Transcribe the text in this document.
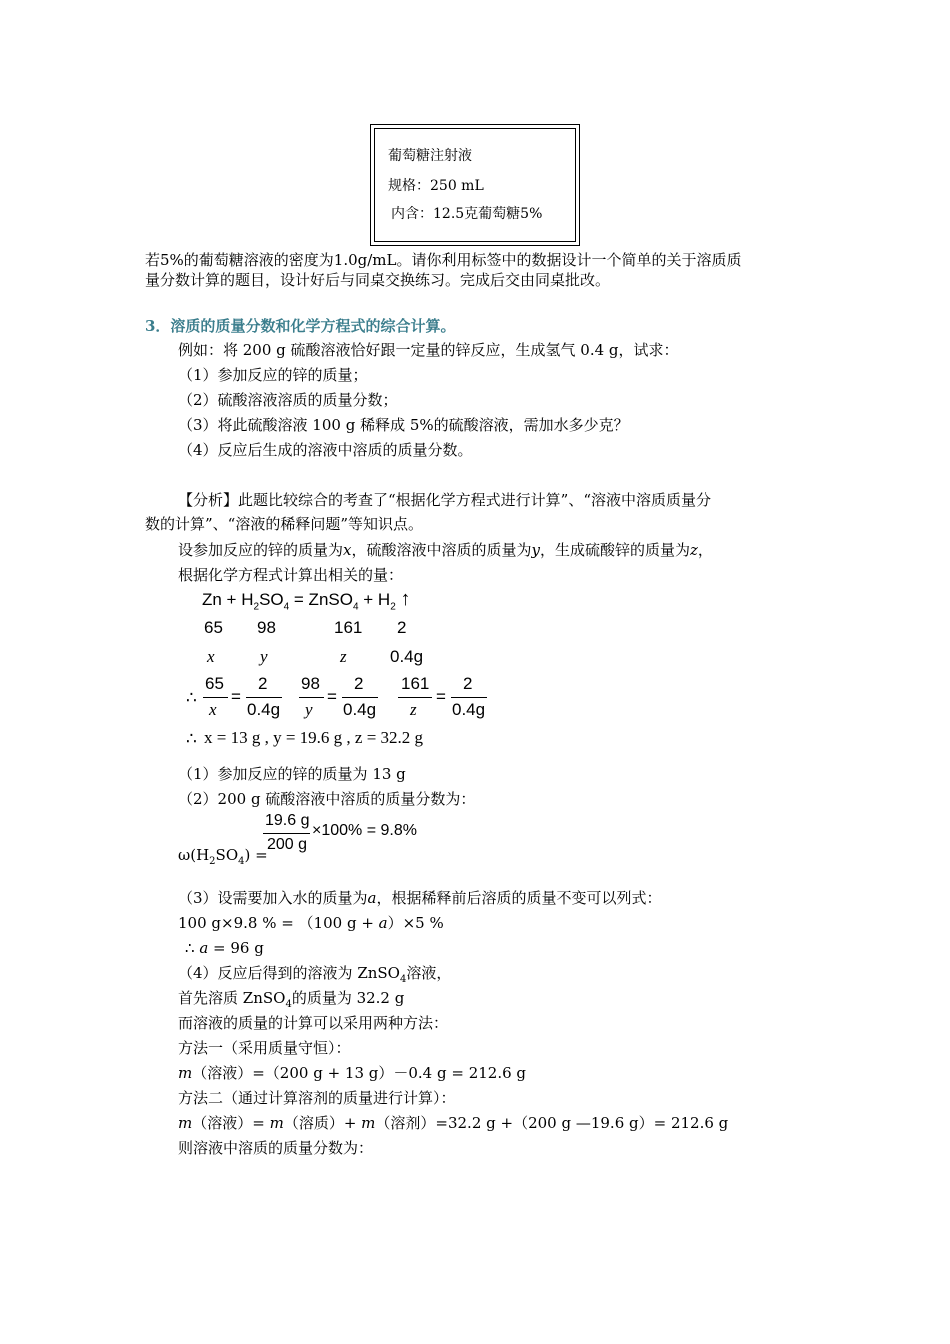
葡萄糖注射液
规格：250 mL
内含：12.5克葡萄糖5%
若5%的葡萄糖溶液的密度为1.0g/mL。请你利用标签中的数据设计一个简单的关于溶质质
量分数计算的题目，设计好后与同桌交换练习。完成后交由同桌批改。
3．溶质的质量分数和化学方程式的综合计算。
例如：将 200 g 硫酸溶液恰好跟一定量的锌反应，生成氢气 0.4 g，试求：
（1）参加反应的锌的质量；
（2）硫酸溶液溶质的质量分数；
（3）将此硫酸溶液 100 g 稀释成 5%的硫酸溶液，需加水多少克？
（4）反应后生成的溶液中溶质的质量分数。
【分析】此题比较综合的考查了“根据化学方程式进行计算”、“溶液中溶质质量分
数的计算”、“溶液的稀释问题”等知识点。
设参加反应的锌的质量为x，硫酸溶液中溶质的质量为y，生成硫酸锌的质量为z，
根据化学方程式计算出相关的量：
$Zn + H_2SO_4$ = ZnSO$_4$ + $H_2$ ↑
65 98	161 2
x	y	z	0.4g
∴
65
x
=
2
0.4g
98
y
=
2
0.4g
161
z
=
2
0.4g
∴ x = 13 g , y = 19.6 g , z = 32.2 g
（1）参加反应的锌的质量为 13 g
（2）200 g 硫酸溶液中溶质的质量分数为：
19.6 g
200 g
×100% = 9.8%
$\omega(H_2SO_4)$ =
（3）设需要加入水的质量为a，根据稀释前后溶质的质量不变可以列式：
100 g×9.8 % = （100 g + a）×5 %
∴ a = 96 g
（4）反应后得到的溶液为 ZnSO$_4$溶液，
首先溶质 ZnSO$_4$的质量为 32.2 g
而溶液的质量的计算可以采用两种方法：
方法一（采用质量守恒）：
m（溶液）=（200 g + 13 g）－0.4 g = 212.6 g
方法二（通过计算溶剂的质量进行计算）：
m（溶液）= m（溶质）+ m（溶剂）=32.2 g +（200 g —19.6 g）= 212.6 g
则溶液中溶质的质量分数为：
